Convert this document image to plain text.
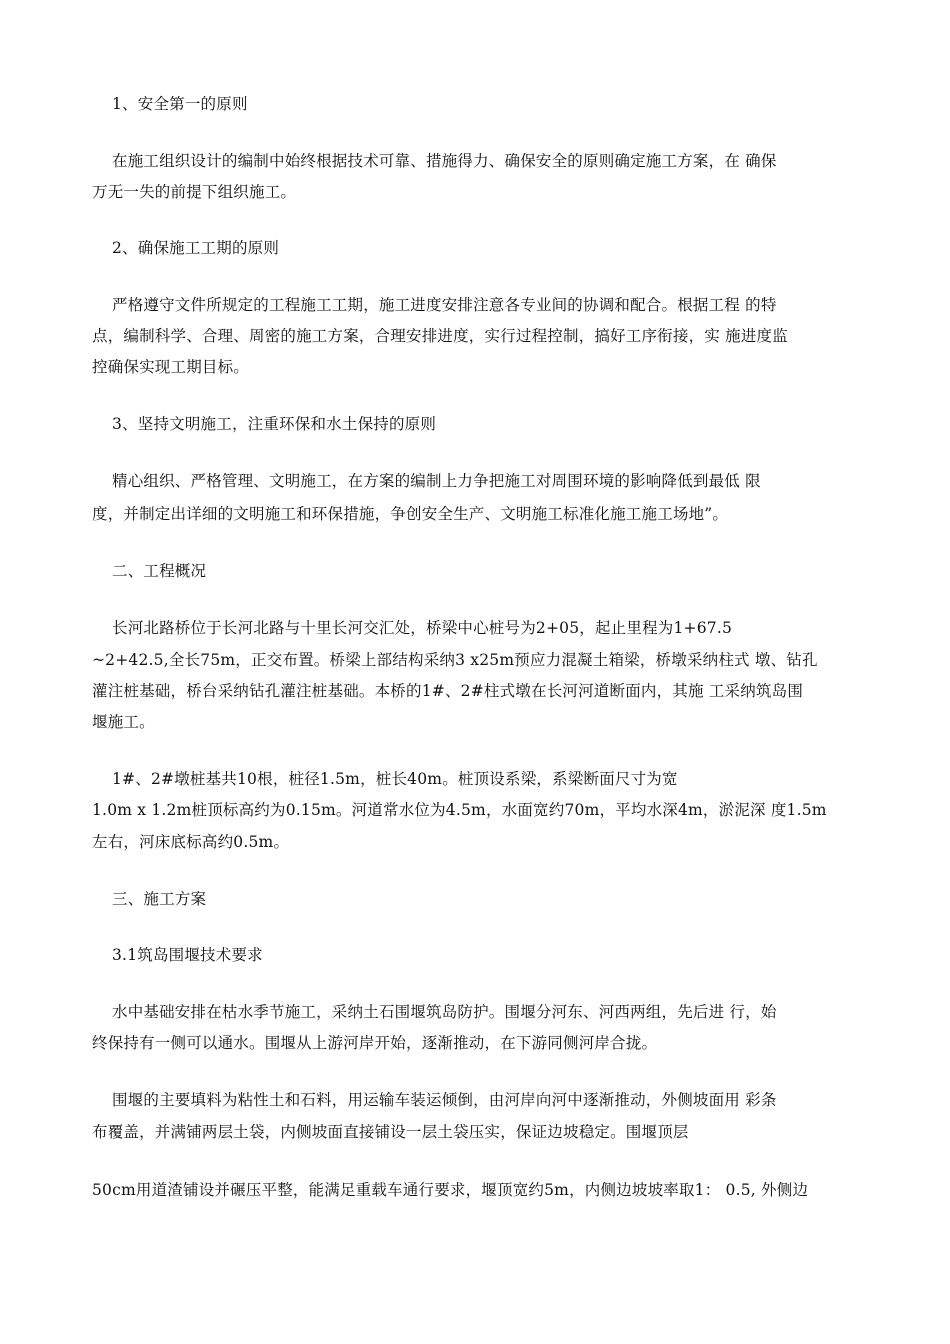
1、安全第一的原则
在施工组织设计的编制中始终根据技术可靠、措施得力、确保安全的原则确定施工方案，在 确保
万无一失的前提下组织施工。
2、确保施工工期的原则
严格遵守文件所规定的工程施工工期，施工进度安排注意各专业间的协调和配合。根据工程 的特
点，编制科学、合理、周密的施工方案，合理安排进度，实行过程控制，搞好工序衔接，实 施进度监
控确保实现工期目标。
3、坚持文明施工，注重环保和水土保持的原则
精心组织、严格管理、文明施工，在方案的编制上力争把施工对周围环境的影响降低到最低 限
度，并制定出详细的文明施工和环保措施，争创安全生产、文明施工标准化施工施工场地”。
二、工程概况
长河北路桥位于长河北路与十里长河交汇处，桥梁中心桩号为2+05，起止里程为1+67.5
~2+42.5,全长75m，正交布置。桥梁上部结构采纳3 x25m预应力混凝土箱梁，桥墩采纳柱式 墩、钻孔
灌注桩基础，桥台采纳钻孔灌注桩基础。本桥的1#、2#柱式墩在长河河道断面内，其施 工采纳筑岛围
堰施工。
1#、2#墩桩基共10根，桩径1.5m，桩长40m。桩顶设系梁，系梁断面尺寸为宽
1.0m x 1.2m桩顶标高约为0.15m。河道常水位为4.5m，水面宽约70m，平均水深4m，淤泥深 度1.5m
左右，河床底标高约0.5m。
三、施工方案
3.1筑岛围堰技术要求
水中基础安排在枯水季节施工，采纳土石围堰筑岛防护。围堰分河东、河西两组，先后进 行，始
终保持有一侧可以通水。围堰从上游河岸开始，逐渐推动，在下游同侧河岸合拢。
围堰的主要填料为粘性土和石料，用运输车装运倾倒，由河岸向河中逐渐推动，外侧坡面用 彩条
布覆盖，并满铺两层土袋，内侧坡面直接铺设一层土袋压实，保证边坡稳定。围堰顶层
50cm用道渣铺设并碾压平整，能满足重载车通行要求，堰顶宽约5m，内侧边坡坡率取1： 0.5, 外侧边
